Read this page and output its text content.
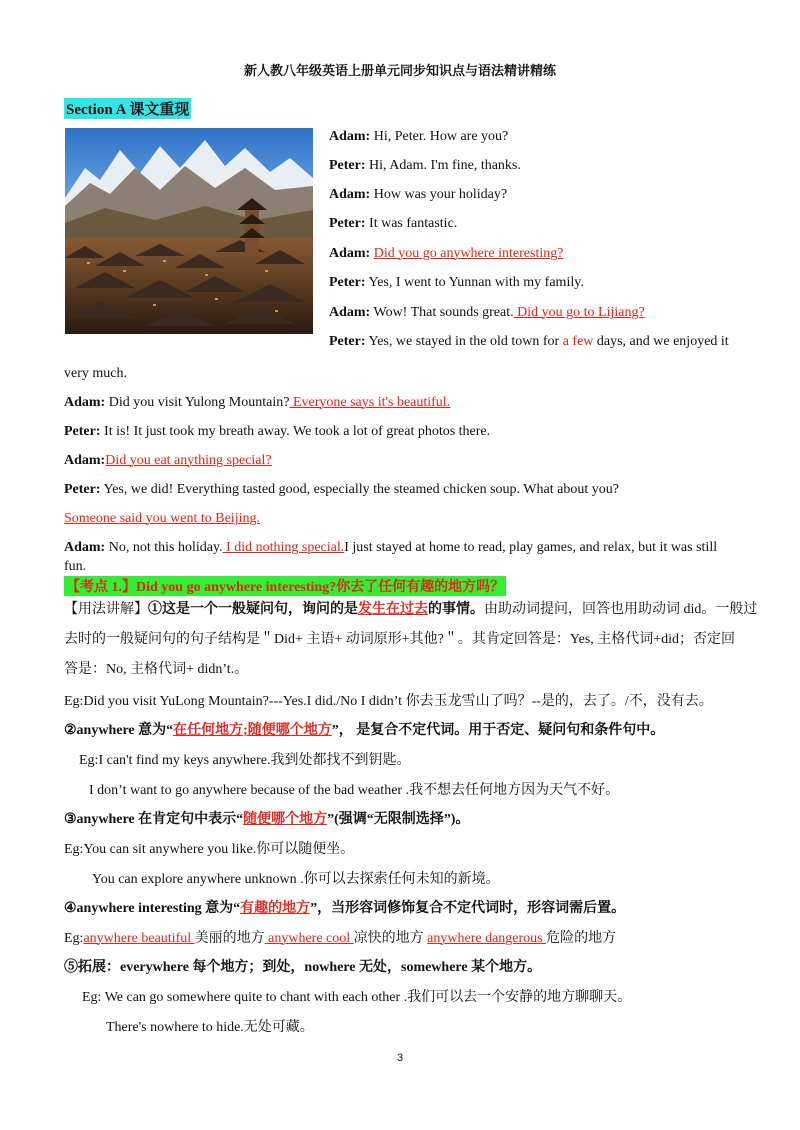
新人教八年级英语上册单元同步知识点与语法精讲精练
Section A 课文重现
Adam: Hi, Peter. How are you?
Peter: Hi, Adam. I'm fine, thanks.
Adam: How was your holiday?
Peter: It was fantastic.
Adam: Did you go anywhere interesting?
Peter: Yes, I went to Yunnan with my family.
Adam: Wow! That sounds great. Did you go to Lijiang?
Peter: Yes, we stayed in the old town for a few days, and we enjoyed it
very much.
Adam: Did you visit Yulong Mountain? Everyone says it's beautiful.
Peter: It is! It just took my breath away. We took a lot of great photos there.
Adam:Did you eat anything special?
Peter: Yes, we did! Everything tasted good, especially the steamed chicken soup. What about you?
Someone said you went to Beijing.
Adam: No, not this holiday. I did nothing special.I just stayed at home to read, play games, and relax, but it was still
fun.
【考点 1.】Did you go anywhere interesting?你去了任何有趣的地方吗？
【用法讲解】①这是一个一般疑问句，询问的是发生在过去的事情。由助动词提问，回答也用助动词 did。一般过
去时的一般疑问句的句子结构是＂Did+ 主语+ 动词原形+其他?＂。其肯定回答是：Yes, 主格代词+did；否定回
答是：No, 主格代词+ didn’t.。
Eg:Did you visit YuLong Mountain?---Yes.I did./No I didn’t 你去玉龙雪山了吗？--是的，去了。/不，没有去。
②anywhere 意为“在任何地方;随便哪个地方”， 是复合不定代词。用于否定、疑问句和条件句中。
Eg:I can't find my keys anywhere.我到处都找不到钥匙。
I don’t want to go anywhere because of the bad weather .我不想去任何地方因为天气不好。
③anywhere 在肯定句中表示“随便哪个地方”(强调“无限制选择”)。
Eg:You can sit anywhere you like.你可以随便坐。
You can explore anywhere unknown .你可以去探索任何未知的新境。
④anywhere interesting 意为“有趣的地方”，当形容词修饰复合不定代词时，形容词需后置。
Eg:anywhere beautiful 美丽的地方 anywhere cool 凉快的地方 anywhere dangerous 危险的地方
⑤拓展：everywhere 每个地方；到处，nowhere 无处，somewhere 某个地方。
Eg: We can go somewhere quite to chant with each other .我们可以去一个安静的地方聊聊天。
There's nowhere to hide.无处可藏。
3
